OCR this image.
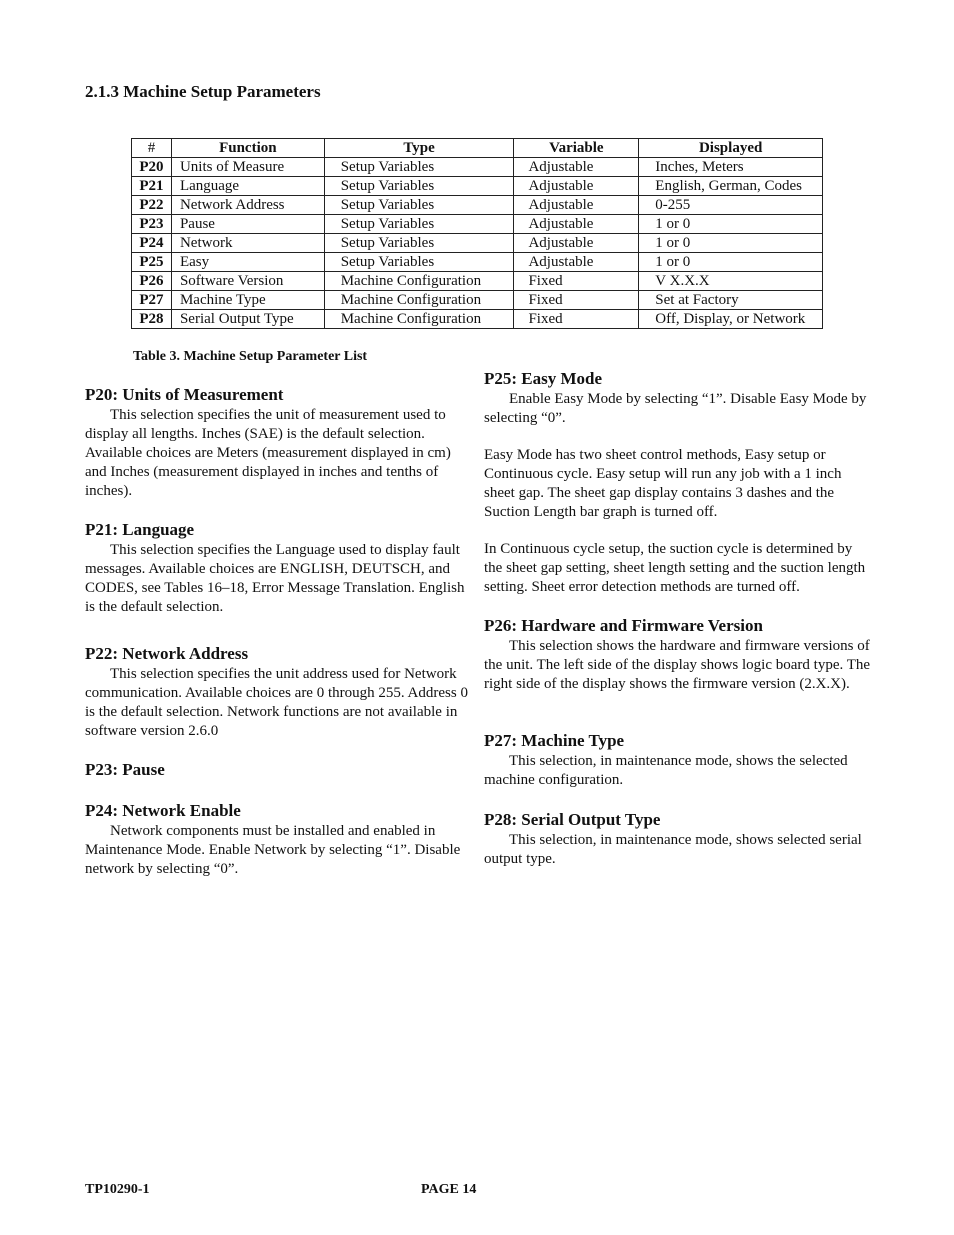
2.1.3 Machine Setup Parameters
#	Function	Type	Variable	Displayed
P20	Units of Measure	Setup Variables	Adjustable	Inches, Meters
P21	Language	Setup Variables	Adjustable	English, German, Codes
P22	Network Address	Setup Variables	Adjustable	0-255
P23	Pause	Setup Variables	Adjustable	1 or 0
P24	Network	Setup Variables	Adjustable	1 or 0
P25	Easy	Setup Variables	Adjustable	1 or 0
P26	Software Version	Machine Configuration	Fixed	V X.X.X
P27	Machine Type	Machine Configuration	Fixed	Set at Factory
P28	Serial Output Type	Machine Configuration	Fixed	Off, Display, or Network

Table 3. Machine Setup Parameter List

P20: Units of Measurement

This selection specifies the unit of measurement used to display all lengths. Inches (SAE) is the default selection. Available choices are Meters (measurement displayed in cm) and Inches (measurement displayed in inches and tenths of inches).

P21: Language

This selection specifies the Language used to display fault messages. Available choices are ENGLISH, DEUTSCH, and CODES, see Tables 16–18, Error Message Translation. English is the default selection.

P22: Network Address

This selection specifies the unit address used for Network communication. Available choices are 0 through 255. Address 0 is the default selection. Network functions are not available in software version 2.6.0

P23: Pause
P24: Network Enable

Network components must be installed and enabled in Maintenance Mode. Enable Network by selecting “1”. Disable network by selecting “0”.

P25: Easy Mode

Enable Easy Mode by selecting “1”. Disable Easy Mode by selecting “0”.

Easy Mode has two sheet control methods, Easy setup or Continuous cycle. Easy setup will run any job with a 1 inch sheet gap. The sheet gap display contains 3 dashes and the Suction Length bar graph is turned off.

In Continuous cycle setup, the suction cycle is determined by the sheet gap setting, sheet length setting and the suction length setting. Sheet error detection methods are turned off.

P26: Hardware and Firmware Version

This selection shows the hardware and firmware versions of the unit. The left side of the display shows logic board type. The right side of the display shows the firmware version (2.X.X).

P27: Machine Type

This selection, in maintenance mode, shows the selected machine configuration.

P28: Serial Output Type

This selection, in maintenance mode, shows selected serial output type.

TP10290-1	PAGE 14
